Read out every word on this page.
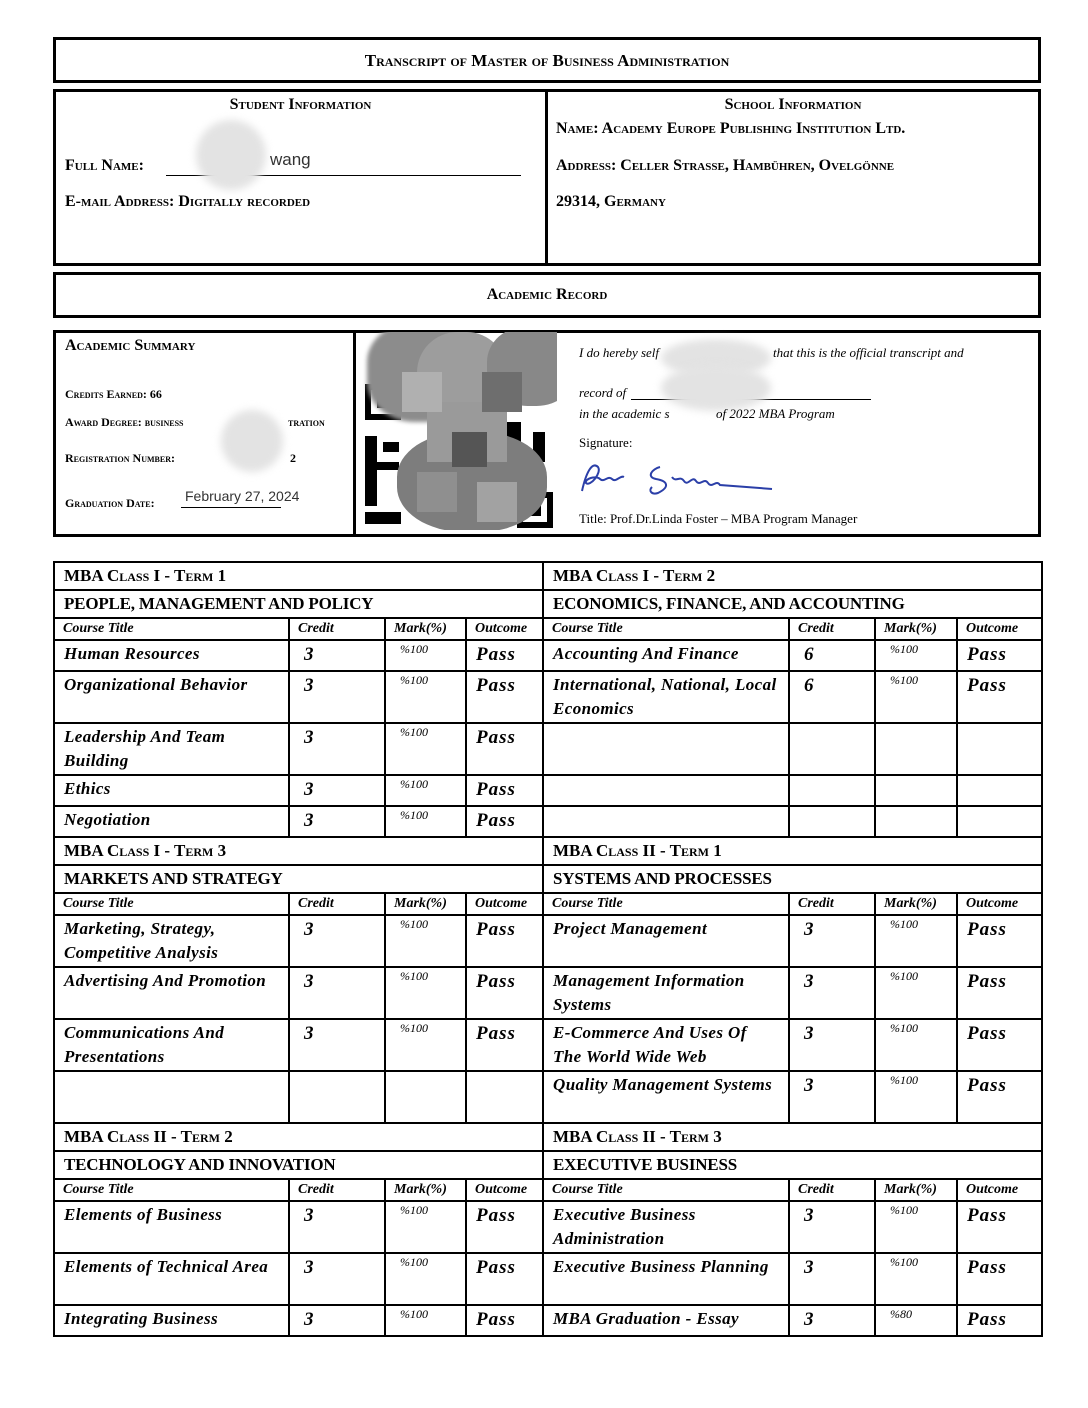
Transcript of Master of Business Administration
Student Information
Full Name:	wang
E-mail Address: Digitally recorded
School Information
Name: Academy Europe Publishing Institution Ltd.
Address: Celler Strasse, Hambühren, Ovelgönne
29314, Germany
Academic Record
Academic Summary
Credits Earned: 66
Award Degree: business	tration
Registration Number:	2
Graduation Date: February 27, 2024
I do hereby self	that this is the official transcript and
record of
in the academic s	of 2022 MBA Program
Signature:
Title: Prof.Dr.Linda Foster – MBA Program Manager
MBA Class I - Term 1				MBA Class I - Term 2			
PEOPLE, MANAGEMENT AND POLICY				ECONOMICS, FINANCE, AND ACCOUNTING			
Course Title	Credit	Mark(%)	Outcome	Course Title	Credit	Mark(%)	Outcome
Human Resources	3	%100	Pass	Accounting And Finance	6	%100	Pass
Organizational Behavior	3	%100	Pass	International, National, Local Economics	6	%100	Pass
Leadership And Team Building	3	%100	Pass				
Ethics	3	%100	Pass				
Negotiation	3	%100	Pass				
MBA Class I - Term 3				MBA Class II - Term 1			
MARKETS AND STRATEGY				SYSTEMS AND PROCESSES			
Course Title	Credit	Mark(%)	Outcome	Course Title	Credit	Mark(%)	Outcome
Marketing, Strategy, Competitive Analysis	3	%100	Pass	Project Management	3	%100	Pass
Advertising And Promotion	3	%100	Pass	Management Information Systems	3	%100	Pass
Communications And Presentations	3	%100	Pass	E-Commerce And Uses Of The World Wide Web	3	%100	Pass
				Quality Management Systems	3	%100	Pass
MBA Class II - Term 2				MBA Class II - Term 3			
TECHNOLOGY AND INNOVATION				EXECUTIVE BUSINESS			
Course Title	Credit	Mark(%)	Outcome	Course Title	Credit	Mark(%)	Outcome
Elements of Business	3	%100	Pass	Executive Business Administration	3	%100	Pass
Elements of Technical Area	3	%100	Pass	Executive Business Planning	3	%100	Pass
Integrating Business	3	%100	Pass	MBA Graduation - Essay	3	%80	Pass
